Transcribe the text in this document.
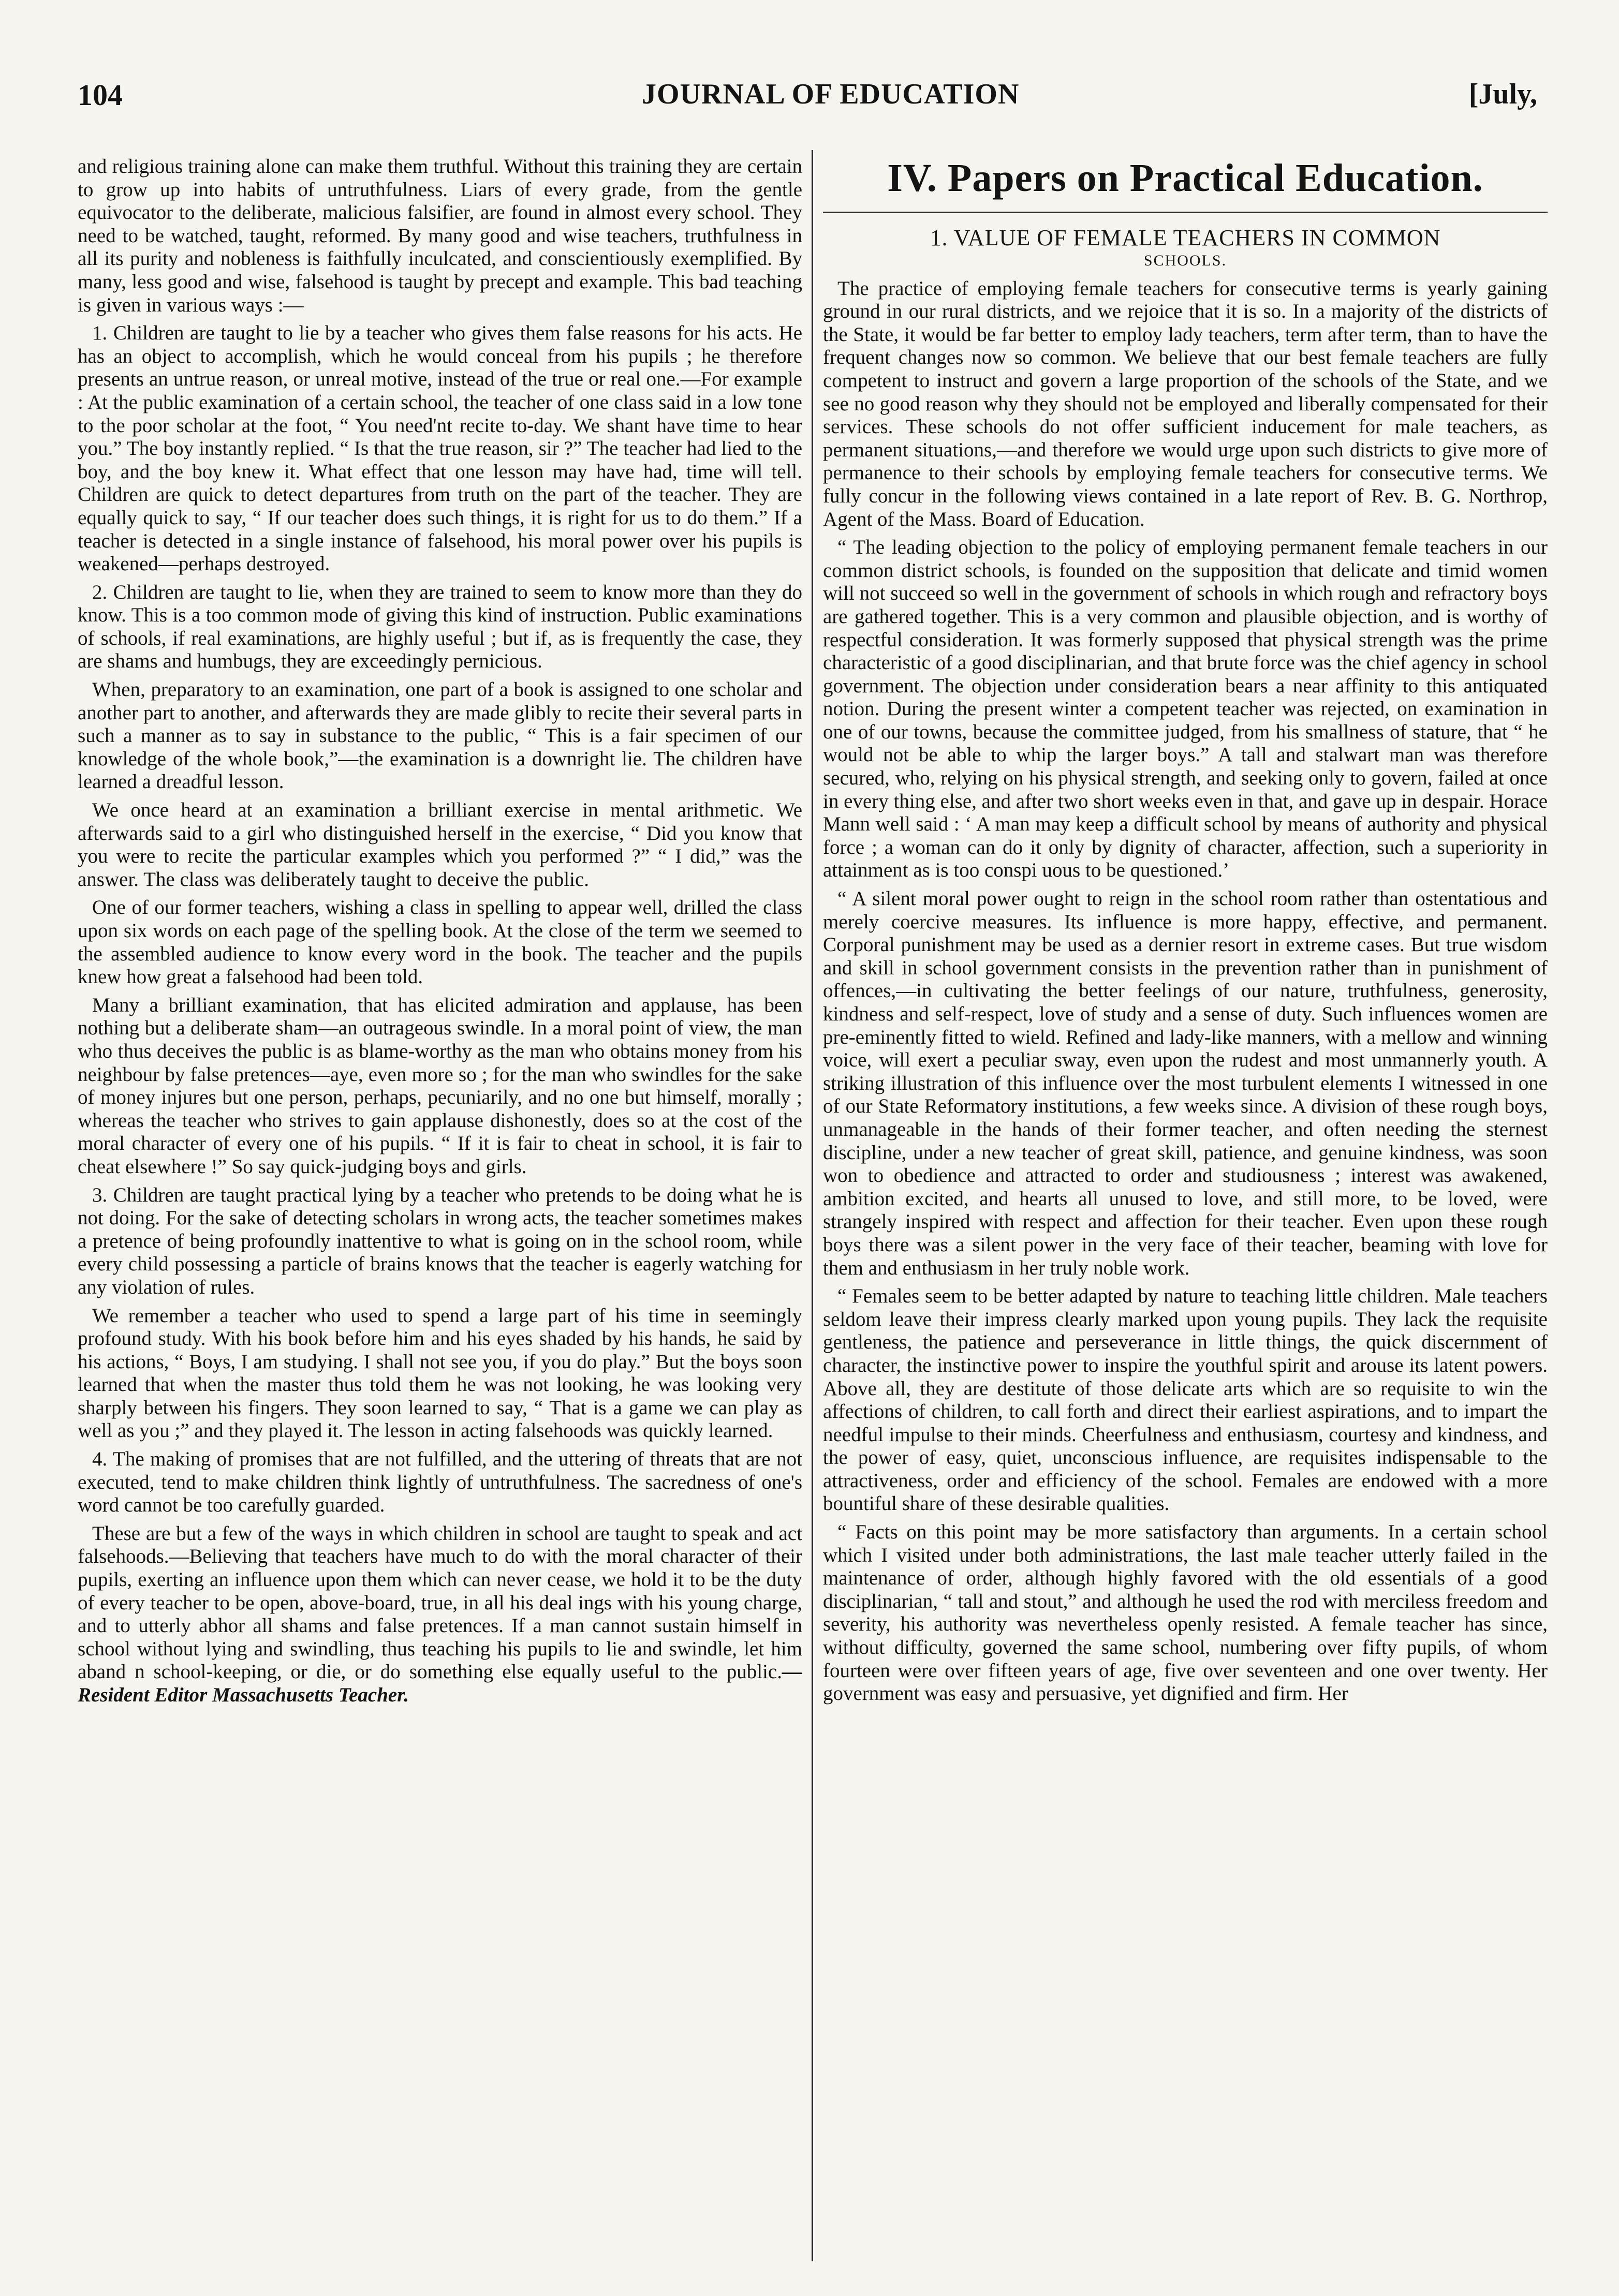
104	JOURNAL OF EDUCATION	[July,

and religious training alone can make them truthful. Without this training they are certain to grow up into habits of untruthfulness. Liars of every grade, from the gentle equivocator to the deliberate, malicious falsifier, are found in almost every school. They need to be watched, taught, reformed. By many good and wise teachers, truthfulness in all its purity and nobleness is faithfully inculcated, and conscientiously exemplified. By many, less good and wise, falsehood is taught by precept and example. This bad teaching is given in various ways :—

1. Children are taught to lie by a teacher who gives them false reasons for his acts. He has an object to accomplish, which he would conceal from his pupils ; he therefore presents an untrue reason, or unreal motive, instead of the true or real one.—For example : At the public examination of a certain school, the teacher of one class said in a low tone to the poor scholar at the foot, “ You need'nt recite to-day. We shant have time to hear you.” The boy instantly replied. “ Is that the true reason, sir ?” The teacher had lied to the boy, and the boy knew it. What effect that one lesson may have had, time will tell. Children are quick to detect departures from truth on the part of the teacher. They are equally quick to say, “ If our teacher does such things, it is right for us to do them.” If a teacher is detected in a single instance of falsehood, his moral power over his pupils is weakened—perhaps destroyed.

2. Children are taught to lie, when they are trained to seem to know more than they do know. This is a too common mode of giving this kind of instruction. Public examinations of schools, if real examinations, are highly useful ; but if, as is frequently the case, they are shams and humbugs, they are exceedingly pernicious.

When, preparatory to an examination, one part of a book is assigned to one scholar and another part to another, and afterwards they are made glibly to recite their several parts in such a manner as to say in substance to the public, “ This is a fair specimen of our knowledge of the whole book,”—the examination is a downright lie. The children have learned a dreadful lesson.

We once heard at an examination a brilliant exercise in mental arithmetic. We afterwards said to a girl who distinguished herself in the exercise, “ Did you know that you were to recite the particular examples which you performed ?” “ I did,” was the answer. The class was deliberately taught to deceive the public.

One of our former teachers, wishing a class in spelling to appear well, drilled the class upon six words on each page of the spelling book. At the close of the term we seemed to the assembled audience to know every word in the book. The teacher and the pupils knew how great a falsehood had been told.

Many a brilliant examination, that has elicited admiration and applause, has been nothing but a deliberate sham—an outrageous swindle. In a moral point of view, the man who thus deceives the public is as blame-worthy as the man who obtains money from his neighbour by false pretences—aye, even more so ; for the man who swindles for the sake of money injures but one person, perhaps, pecuniarily, and no one but himself, morally ; whereas the teacher who strives to gain applause dishonestly, does so at the cost of the moral character of every one of his pupils. “ If it is fair to cheat in school, it is fair to cheat elsewhere !” So say quick-judging boys and girls.

3. Children are taught practical lying by a teacher who pretends to be doing what he is not doing. For the sake of detecting scholars in wrong acts, the teacher sometimes makes a pretence of being profoundly inattentive to what is going on in the school room, while every child possessing a particle of brains knows that the teacher is eagerly watching for any violation of rules.

We remember a teacher who used to spend a large part of his time in seemingly profound study. With his book before him and his eyes shaded by his hands, he said by his actions, “ Boys, I am studying. I shall not see you, if you do play.” But the boys soon learned that when the master thus told them he was not looking, he was looking very sharply between his fingers. They soon learned to say, “ That is a game we can play as well as you ;” and they played it. The lesson in acting falsehoods was quickly learned.

4. The making of promises that are not fulfilled, and the uttering of threats that are not executed, tend to make children think lightly of untruthfulness. The sacredness of one's word cannot be too carefully guarded.

These are but a few of the ways in which children in school are taught to speak and act falsehoods.—Believing that teachers have much to do with the moral character of their pupils, exerting an influence upon them which can never cease, we hold it to be the duty of every teacher to be open, above-board, true, in all his deal ings with his young charge, and to utterly abhor all shams and false pretences. If a man cannot sustain himself in school without lying and swindling, thus teaching his pupils to lie and swindle, let him aband n school-keeping, or die, or do something else equally useful to the public.—Resident Editor Massachusetts Teacher.

IV. Papers on Practical Education.
1. VALUE OF FEMALE TEACHERS IN COMMON
SCHOOLS.

The practice of employing female teachers for consecutive terms is yearly gaining ground in our rural districts, and we rejoice that it is so. In a majority of the districts of the State, it would be far better to employ lady teachers, term after term, than to have the frequent changes now so common. We believe that our best female teachers are fully competent to instruct and govern a large proportion of the schools of the State, and we see no good reason why they should not be employed and liberally compensated for their services. These schools do not offer sufficient inducement for male teachers, as permanent situations,—and therefore we would urge upon such districts to give more of permanence to their schools by employing female teachers for consecutive terms. We fully concur in the following views contained in a late report of Rev. B. G. Northrop, Agent of the Mass. Board of Education.

“ The leading objection to the policy of employing permanent female teachers in our common district schools, is founded on the supposition that delicate and timid women will not succeed so well in the government of schools in which rough and refractory boys are gathered together. This is a very common and plausible objection, and is worthy of respectful consideration. It was formerly supposed that physical strength was the prime characteristic of a good disciplinarian, and that brute force was the chief agency in school government. The objection under consideration bears a near affinity to this antiquated notion. During the present winter a competent teacher was rejected, on examination in one of our towns, because the committee judged, from his smallness of stature, that “ he would not be able to whip the larger boys.” A tall and stalwart man was therefore secured, who, relying on his physical strength, and seeking only to govern, failed at once in every thing else, and after two short weeks even in that, and gave up in despair. Horace Mann well said : ‘ A man may keep a difficult school by means of authority and physical force ; a woman can do it only by dignity of character, affection, such a superiority in attainment as is too conspi uous to be questioned.’

“ A silent moral power ought to reign in the school room rather than ostentatious and merely coercive measures. Its influence is more happy, effective, and permanent. Corporal punishment may be used as a dernier resort in extreme cases. But true wisdom and skill in school government consists in the prevention rather than in punishment of offences,—in cultivating the better feelings of our nature, truthfulness, generosity, kindness and self-respect, love of study and a sense of duty. Such influences women are pre-eminently fitted to wield. Refined and lady-like manners, with a mellow and winning voice, will exert a peculiar sway, even upon the rudest and most unmannerly youth. A striking illustration of this influence over the most turbulent elements I witnessed in one of our State Reformatory institutions, a few weeks since. A division of these rough boys, unmanageable in the hands of their former teacher, and often needing the sternest discipline, under a new teacher of great skill, patience, and genuine kindness, was soon won to obedience and attracted to order and studiousness ; interest was awakened, ambition excited, and hearts all unused to love, and still more, to be loved, were strangely inspired with respect and affection for their teacher. Even upon these rough boys there was a silent power in the very face of their teacher, beaming with love for them and enthusiasm in her truly noble work.

“ Females seem to be better adapted by nature to teaching little children. Male teachers seldom leave their impress clearly marked upon young pupils. They lack the requisite gentleness, the patience and perseverance in little things, the quick discernment of character, the instinctive power to inspire the youthful spirit and arouse its latent powers. Above all, they are destitute of those delicate arts which are so requisite to win the affections of children, to call forth and direct their earliest aspirations, and to impart the needful impulse to their minds. Cheerfulness and enthusiasm, courtesy and kindness, and the power of easy, quiet, unconscious influence, are requisites indispensable to the attractiveness, order and efficiency of the school. Females are endowed with a more bountiful share of these desirable qualities.

“ Facts on this point may be more satisfactory than arguments. In a certain school which I visited under both administrations, the last male teacher utterly failed in the maintenance of order, although highly favored with the old essentials of a good disciplinarian, “ tall and stout,” and although he used the rod with merciless freedom and severity, his authority was nevertheless openly resisted. A female teacher has since, without difficulty, governed the same school, numbering over fifty pupils, of whom fourteen were over fifteen years of age, five over seventeen and one over twenty. Her government was easy and persuasive, yet dignified and firm. Her
